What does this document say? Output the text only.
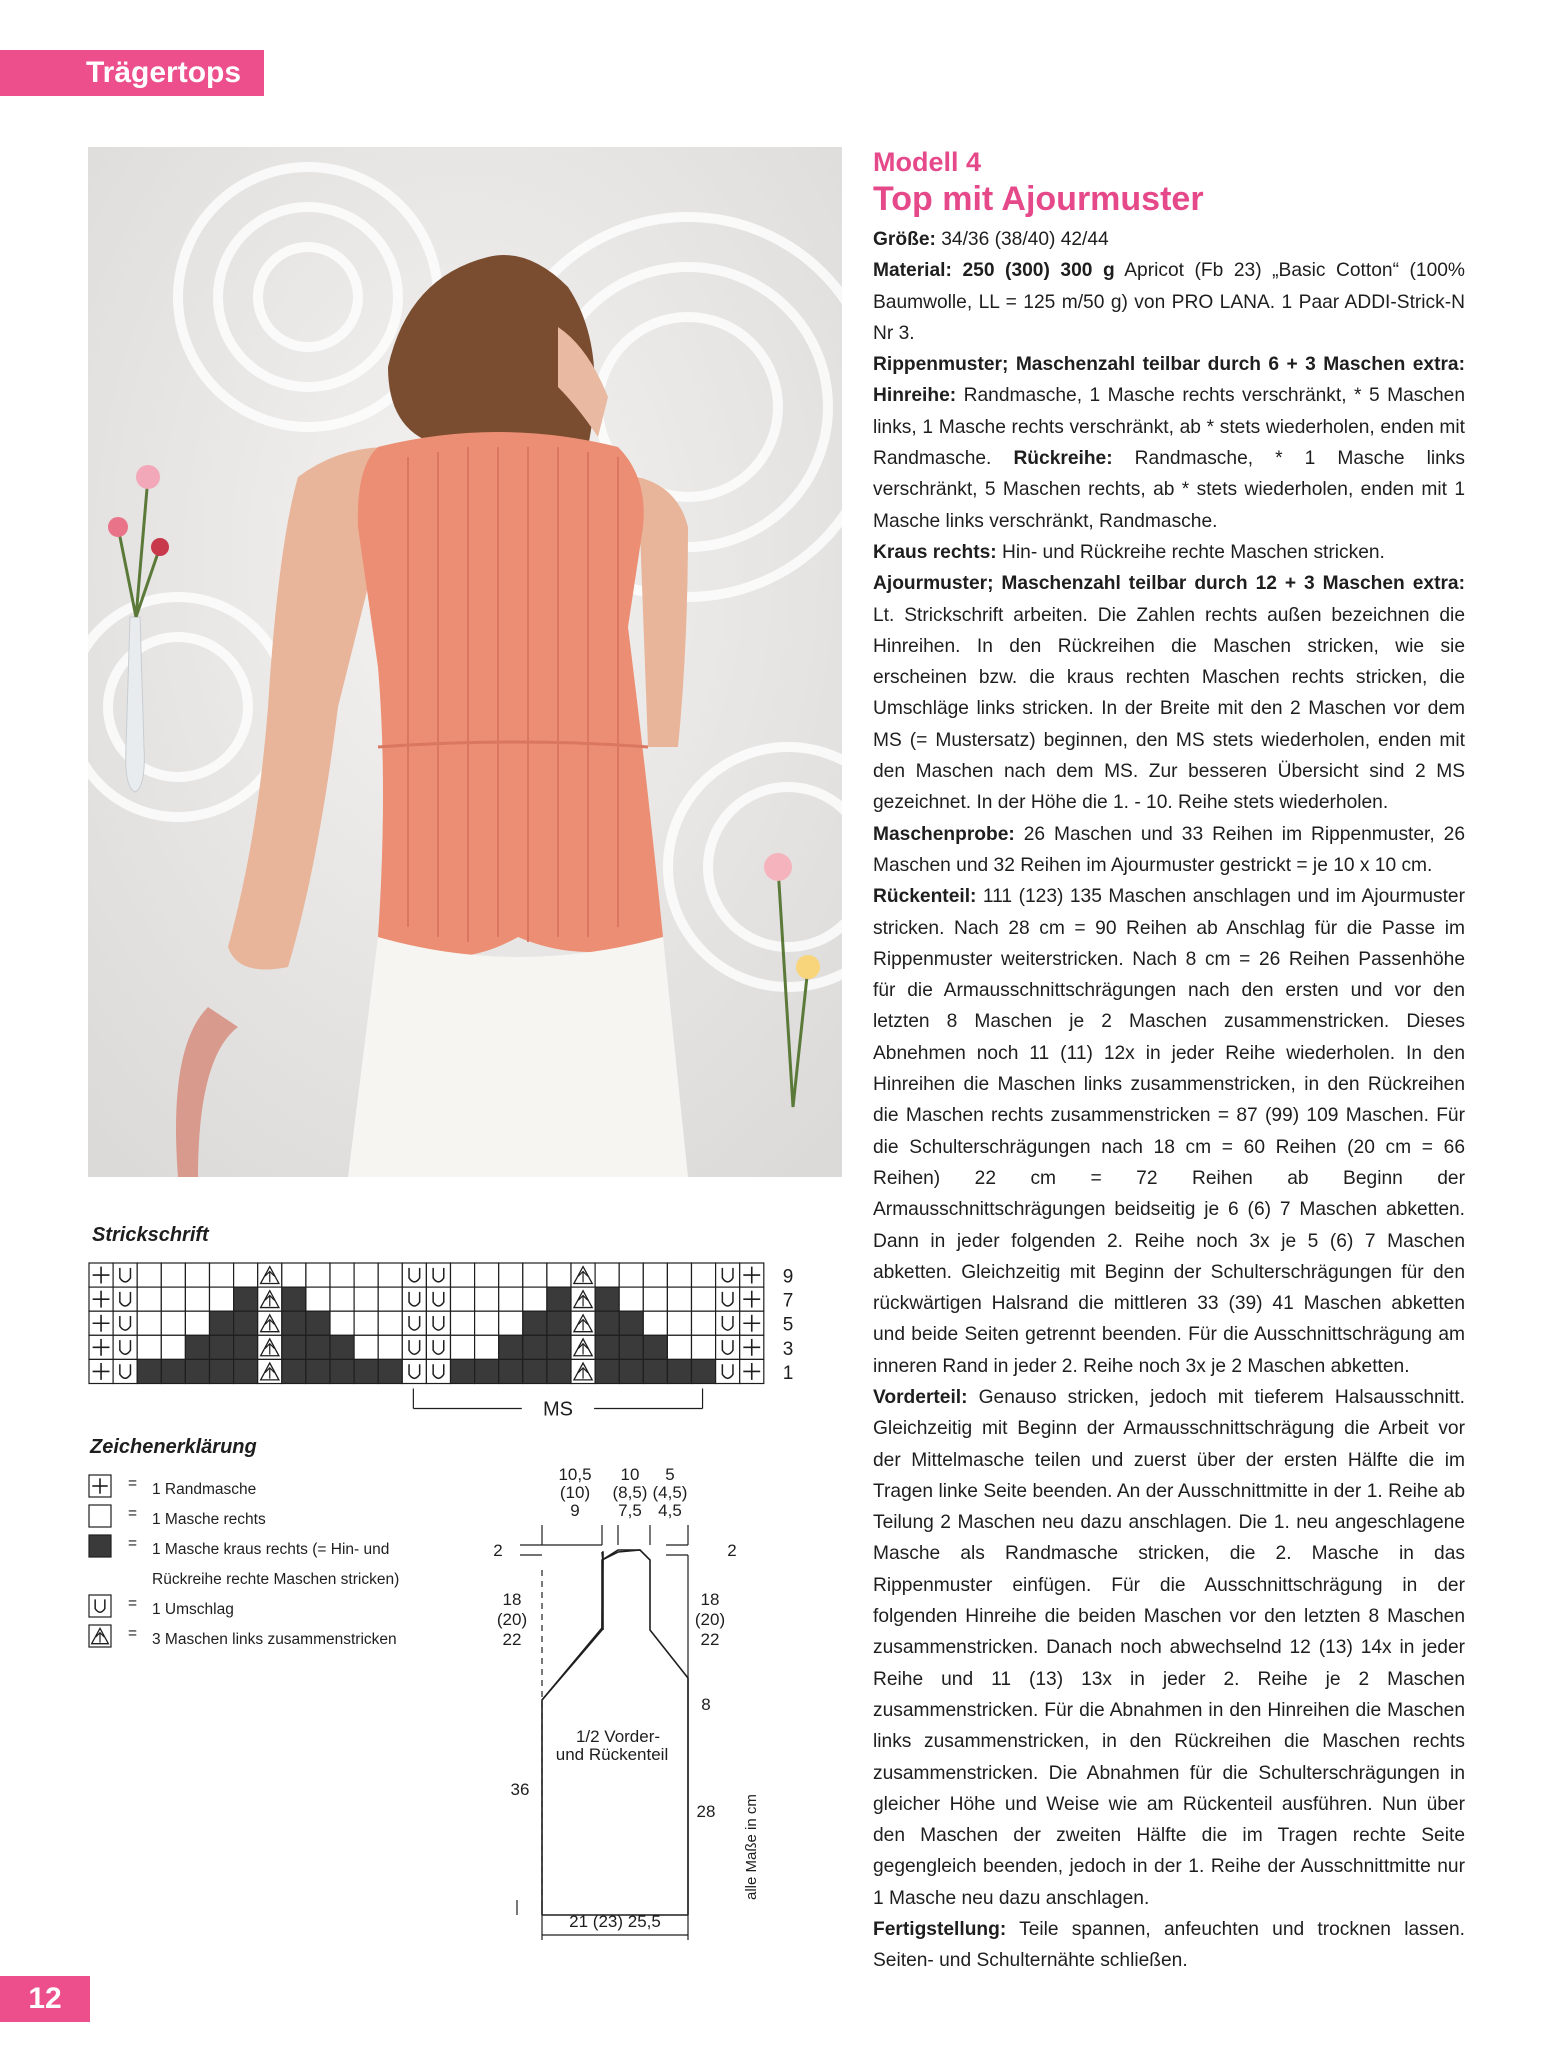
Trägertops
Modell 4
Top mit Ajourmuster

Größe: 34/36 (38/40) 42/44

Material: 250 (300) 300 g Apricot (Fb 23) „Basic Cotton“ (100% Baumwolle, LL = 125 m/50 g) von PRO LANA. 1 Paar ADDI-Strick-N Nr 3.

Rippenmuster; Maschenzahl teilbar durch 6 + 3 Maschen extra: Hinreihe: Randmasche, 1 Masche rechts verschränkt, * 5 Maschen links, 1 Masche rechts verschränkt, ab * stets wiederholen, enden mit Randmasche. Rückreihe: Randmasche, * 1 Masche links verschränkt, 5 Maschen rechts, ab * stets wiederholen, enden mit 1 Masche links verschränkt, Randmasche.

Kraus rechts: Hin- und Rückreihe rechte Maschen stricken.

Ajourmuster; Maschenzahl teilbar durch 12 + 3 Maschen extra: Lt. Strickschrift arbeiten. Die Zahlen rechts außen bezeichnen die Hinreihen. In den Rückreihen die Maschen stricken, wie sie erscheinen bzw. die kraus rechten Maschen rechts stricken, die Umschläge links stricken. In der Breite mit den 2 Maschen vor dem MS (= Mustersatz) beginnen, den MS stets wiederholen, enden mit den Maschen nach dem MS. Zur besseren Übersicht sind 2 MS gezeichnet. In der Höhe die 1. - 10. Reihe stets wiederholen.

Maschenprobe: 26 Maschen und 33 Reihen im Rippenmuster, 26 Maschen und 32 Reihen im Ajourmuster gestrickt = je 10 x 10 cm.

Rückenteil: 111 (123) 135 Maschen anschlagen und im Ajourmuster stricken. Nach 28 cm = 90 Reihen ab Anschlag für die Passe im Rippenmuster weiterstricken. Nach 8 cm = 26 Reihen Passenhöhe für die Armausschnittschrägungen nach den ersten und vor den letzten 8 Maschen je 2 Maschen zusammenstricken. Dieses Abnehmen noch 11 (11) 12x in jeder Reihe wiederholen. In den Hinreihen die Maschen links zusammenstricken, in den Rückreihen die Maschen rechts zusammenstricken = 87 (99) 109 Maschen. Für die Schulterschrägungen nach 18 cm = 60 Reihen (20 cm = 66 Reihen) 22 cm = 72 Reihen ab Beginn der Armausschnittschrägungen beidseitig je 6 (6) 7 Maschen abketten. Dann in jeder folgenden 2. Reihe noch 3x je 5 (6) 7 Maschen abketten. Gleichzeitig mit Beginn der Schulterschrägungen für den rückwärtigen Halsrand die mittleren 33 (39) 41 Maschen abketten und beide Seiten getrennt beenden. Für die Ausschnittschrägung am inneren Rand in jeder 2. Reihe noch 3x je 2 Maschen abketten.

Vorderteil: Genauso stricken, jedoch mit tieferem Halsausschnitt. Gleichzeitig mit Beginn der Armausschnittschrägung die Arbeit vor der Mittelmasche teilen und zuerst über der ersten Hälfte die im Tragen linke Seite beenden. An der Ausschnittmitte in der 1. Reihe ab Teilung 2 Maschen neu dazu anschlagen. Die 1. neu angeschlagene Masche als Randmasche stricken, die 2. Masche in das Rippenmuster einfügen. Für die Ausschnittschrägung in der folgenden Hinreihe die beiden Maschen vor den letzten 8 Maschen zusammenstricken. Danach noch abwechselnd 12 (13) 14x in jeder Reihe und 11 (13) 13x in jeder 2. Reihe je 2 Maschen zusammenstricken. Für die Abnahmen in den Hinreihen die Maschen links zusammenstricken, in den Rückreihen die Maschen rechts zusammenstricken. Die Abnahmen für die Schulterschrägungen in gleicher Höhe und Weise wie am Rückenteil ausführen. Nun über den Maschen der zweiten Hälfte die im Tragen rechte Seite gegengleich beenden, jedoch in der 1. Reihe der Ausschnittmitte nur 1 Masche neu dazu anschlagen.

Fertigstellung: Teile spannen, anfeuchten und trocknen lassen. Seiten- und Schulternähte schließen.

Strickschrift
9
7
5
3
1
MS
Zeichenerklärung
= 1 Randmasche
= 1 Masche rechts
= 1 Masche kraus rechts (= Hin- und Rückreihe rechte Maschen stricken)
= 1 Umschlag
= 3 Maschen links zusammenstricken
10,5
(10)
9
10
(8,5)
7,5
5
(4,5)
4,5
2	2
18
(20)
22
18
(20)
22
8
1/2 Vorder-
und Rückenteil
36
28
21 (23) 25,5
alle Maße in cm
12
